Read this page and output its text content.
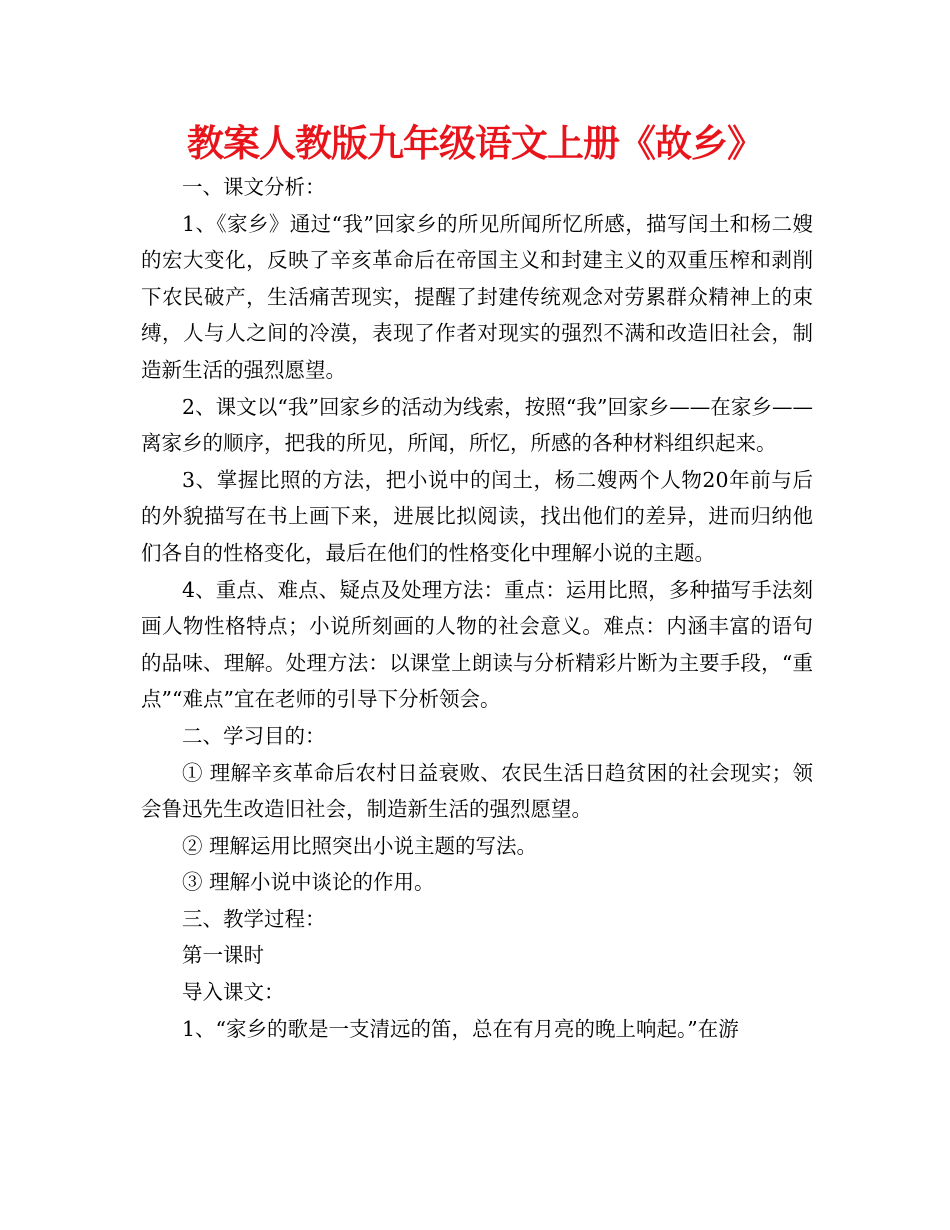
教案人教版九年级语文上册《故乡》

一、课文分析：

1、《家乡》通过“我”回家乡的所见所闻所忆所感，描写闰土和杨二嫂的宏大变化，反映了辛亥革命后在帝国主义和封建主义的双重压榨和剥削下农民破产，生活痛苦现实，提醒了封建传统观念对劳累群众精神上的束缚，人与人之间的冷漠，表现了作者对现实的强烈不满和改造旧社会，制造新生活的强烈愿望。

2、课文以“我”回家乡的活动为线索，按照“我”回家乡——在家乡——离家乡的顺序，把我的所见，所闻，所忆，所感的各种材料组织起来。

3、掌握比照的方法，把小说中的闰土，杨二嫂两个人物20年前与后的外貌描写在书上画下来，进展比拟阅读，找出他们的差异，进而归纳他们各自的性格变化，最后在他们的性格变化中理解小说的主题。

4、重点、难点、疑点及处理方法：重点：运用比照，多种描写手法刻画人物性格特点；小说所刻画的人物的社会意义。难点：内涵丰富的语句的品味、理解。处理方法：以课堂上朗读与分析精彩片断为主要手段，“重点”“难点”宜在老师的引导下分析领会。

二、学习目的：

① 理解辛亥革命后农村日益衰败、农民生活日趋贫困的社会现实；领会鲁迅先生改造旧社会，制造新生活的强烈愿望。

② 理解运用比照突出小说主题的写法。

③ 理解小说中谈论的作用。

三、教学过程：

第一课时

导入课文：

1、“家乡的歌是一支清远的笛，总在有月亮的晚上响起。”在游
